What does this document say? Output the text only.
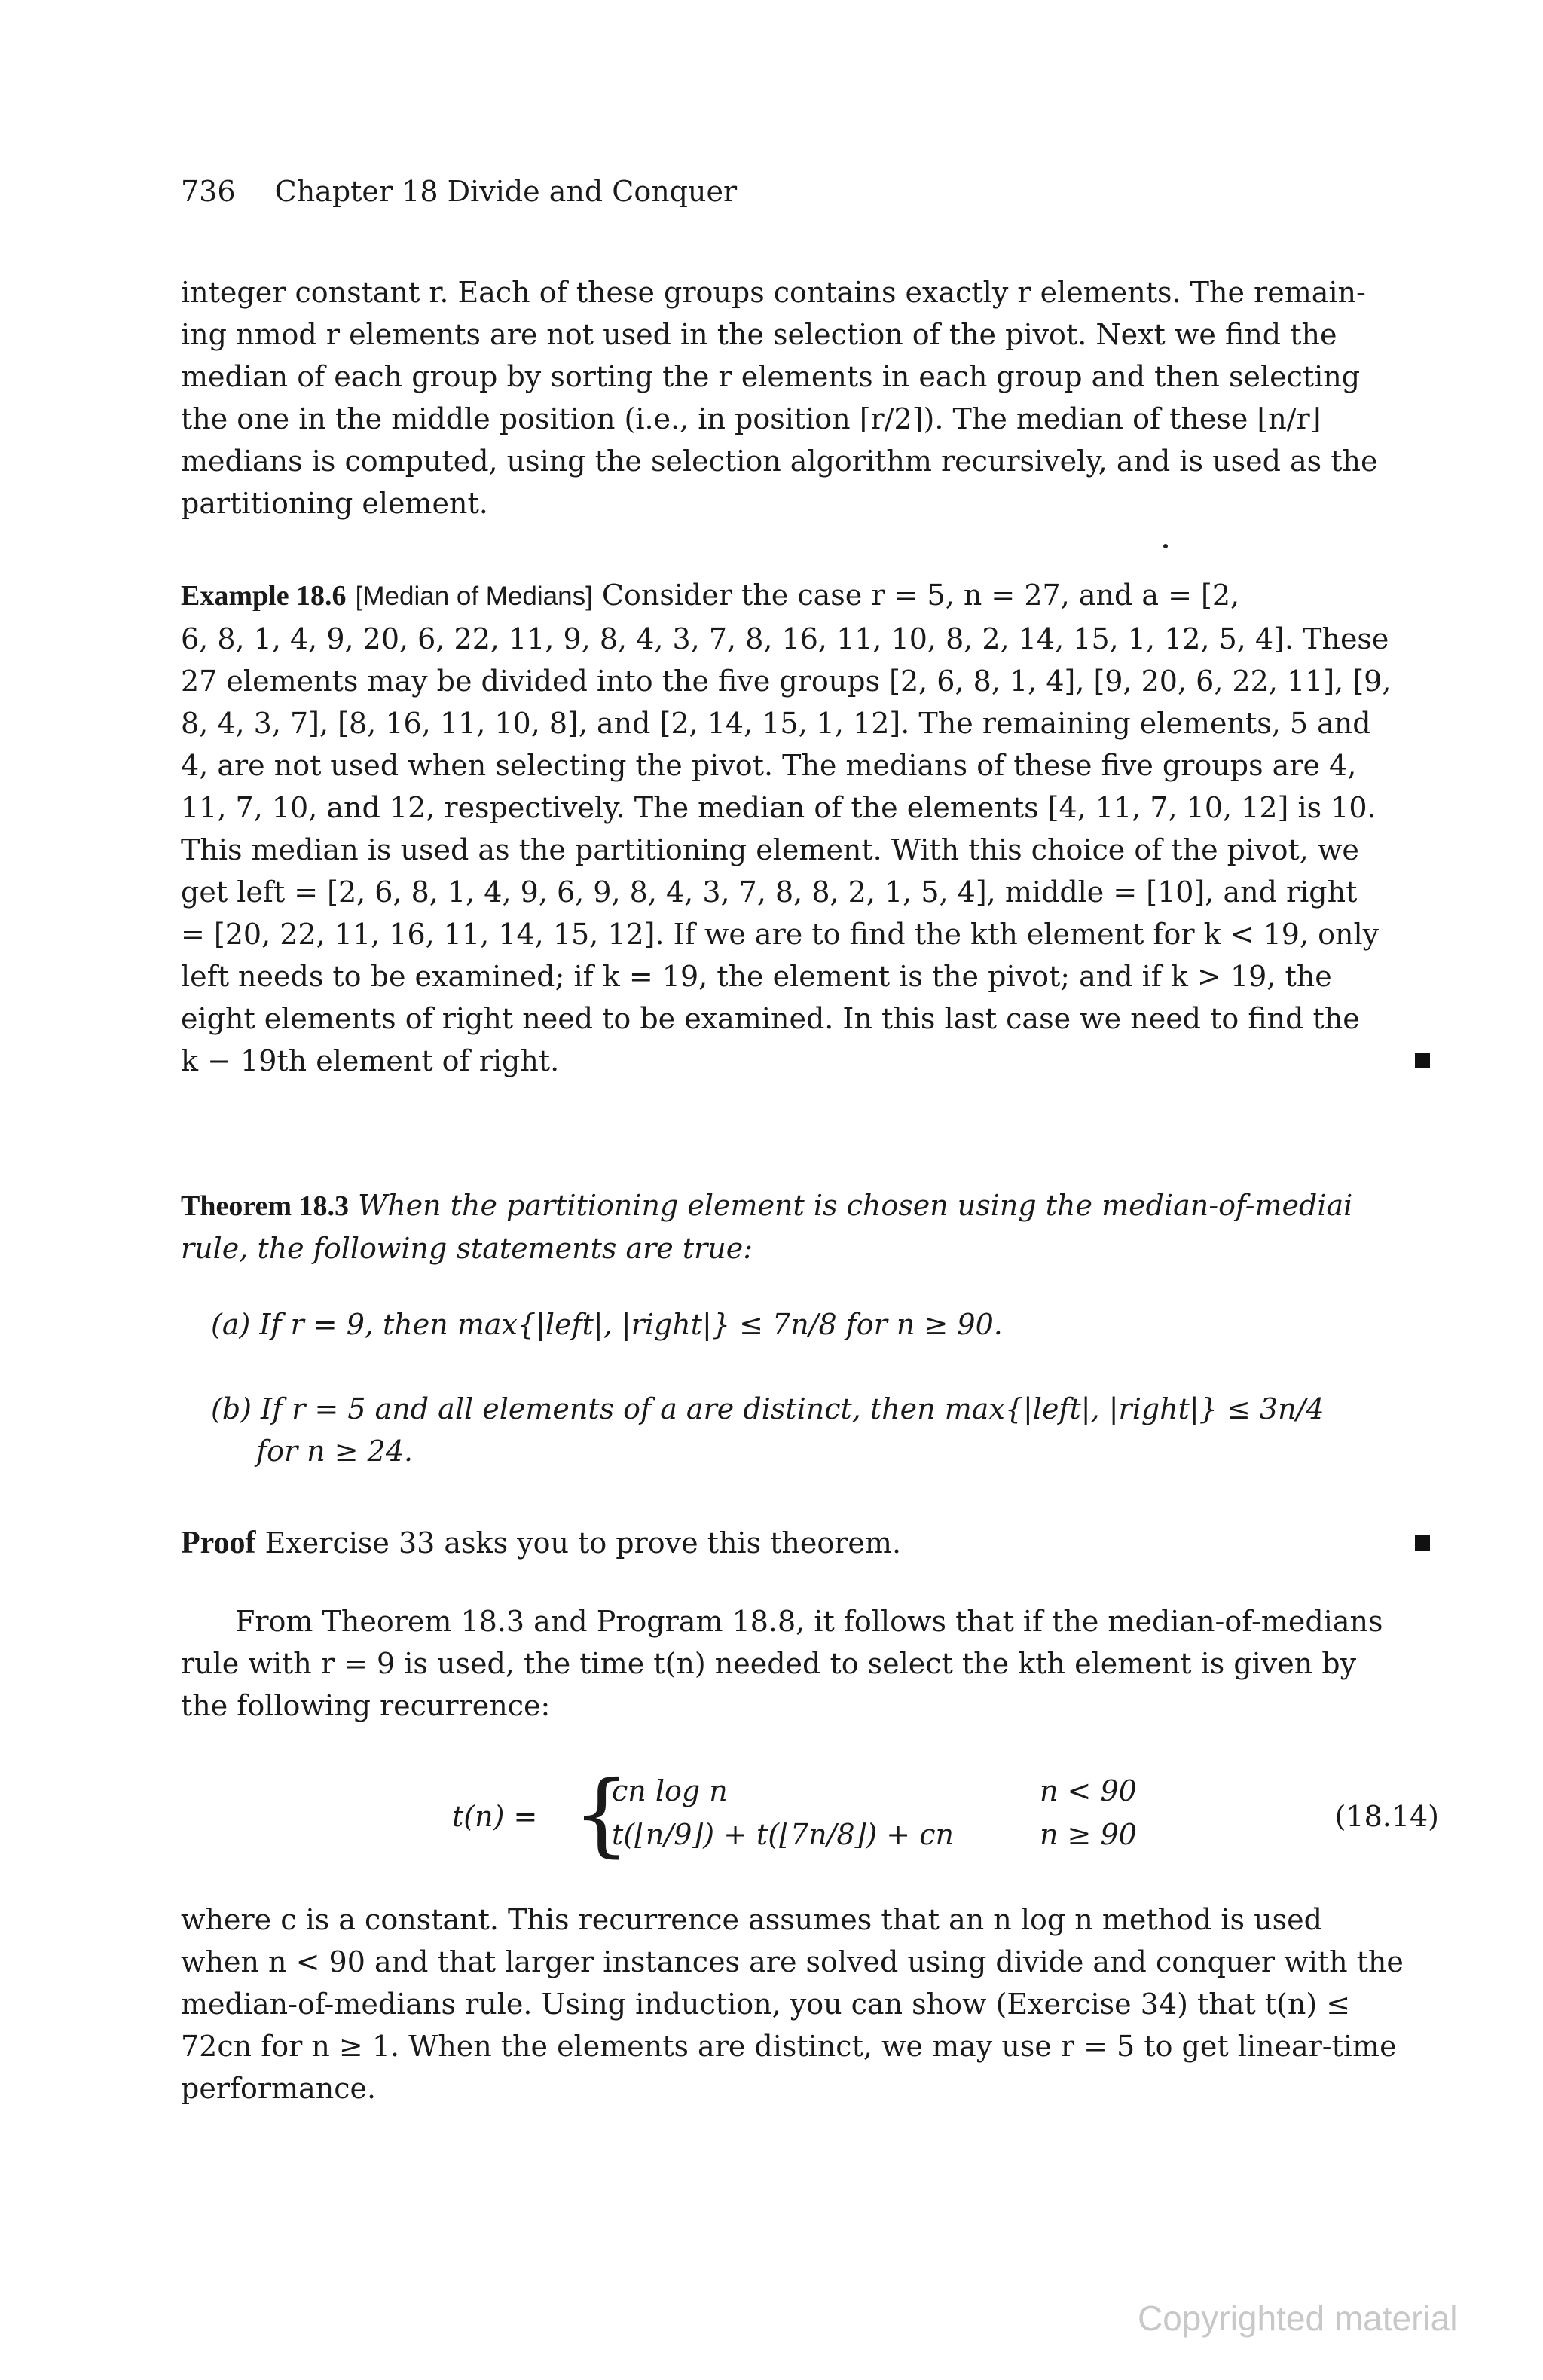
736 Chapter 18 Divide and Conquer

integer constant r. Each of these groups contains exactly r elements. The remain-

ing nmod r elements are not used in the selection of the pivot. Next we find the

median of each group by sorting the r elements in each group and then selecting

the one in the middle position (i.e., in position ⌈r/2⌉). The median of these ⌊n/r⌋

medians is computed, using the selection algorithm recursively, and is used as the

partitioning element.

Example 18.6 [Median of Medians] Consider the case r = 5, n = 27, and a = [2,

6, 8, 1, 4, 9, 20, 6, 22, 11, 9, 8, 4, 3, 7, 8, 16, 11, 10, 8, 2, 14, 15, 1, 12, 5, 4]. These

27 elements may be divided into the five groups [2, 6, 8, 1, 4], [9, 20, 6, 22, 11], [9,

8, 4, 3, 7], [8, 16, 11, 10, 8], and [2, 14, 15, 1, 12]. The remaining elements, 5 and

4, are not used when selecting the pivot. The medians of these five groups are 4,

11, 7, 10, and 12, respectively. The median of the elements [4, 11, 7, 10, 12] is 10.

This median is used as the partitioning element. With this choice of the pivot, we

get left = [2, 6, 8, 1, 4, 9, 6, 9, 8, 4, 3, 7, 8, 8, 2, 1, 5, 4], middle = [10], and right

= [20, 22, 11, 16, 11, 14, 15, 12]. If we are to find the kth element for k < 19, only

left needs to be examined; if k = 19, the element is the pivot; and if k > 19, the

eight elements of right need to be examined. In this last case we need to find the

k − 19th element of right.

Theorem 18.3 When the partitioning element is chosen using the median-of-mediai

rule, the following statements are true:

(a) If r = 9, then max{|left|, |right|} ≤ 7n/8 for n ≥ 90.
(b) If r = 5 and all elements of a are distinct, then max{|left|, |right|} ≤ 3n/4
for n ≥ 24.

Proof Exercise 33 asks you to prove this theorem.

From Theorem 18.3 and Program 18.8, it follows that if the median-of-medians

rule with r = 9 is used, the time t(n) needed to select the kth element is given by

the following recurrence:

t(n) = {
cn log n	n < 90
t(⌊n/9⌋) + t(⌊7n/8⌋) + cn	n ≥ 90
(18.14)

where c is a constant. This recurrence assumes that an n log n method is used

when n < 90 and that larger instances are solved using divide and conquer with the

median-of-medians rule. Using induction, you can show (Exercise 34) that t(n) ≤

72cn for n ≥ 1. When the elements are distinct, we may use r = 5 to get linear-time

performance.

Copyrighted material
